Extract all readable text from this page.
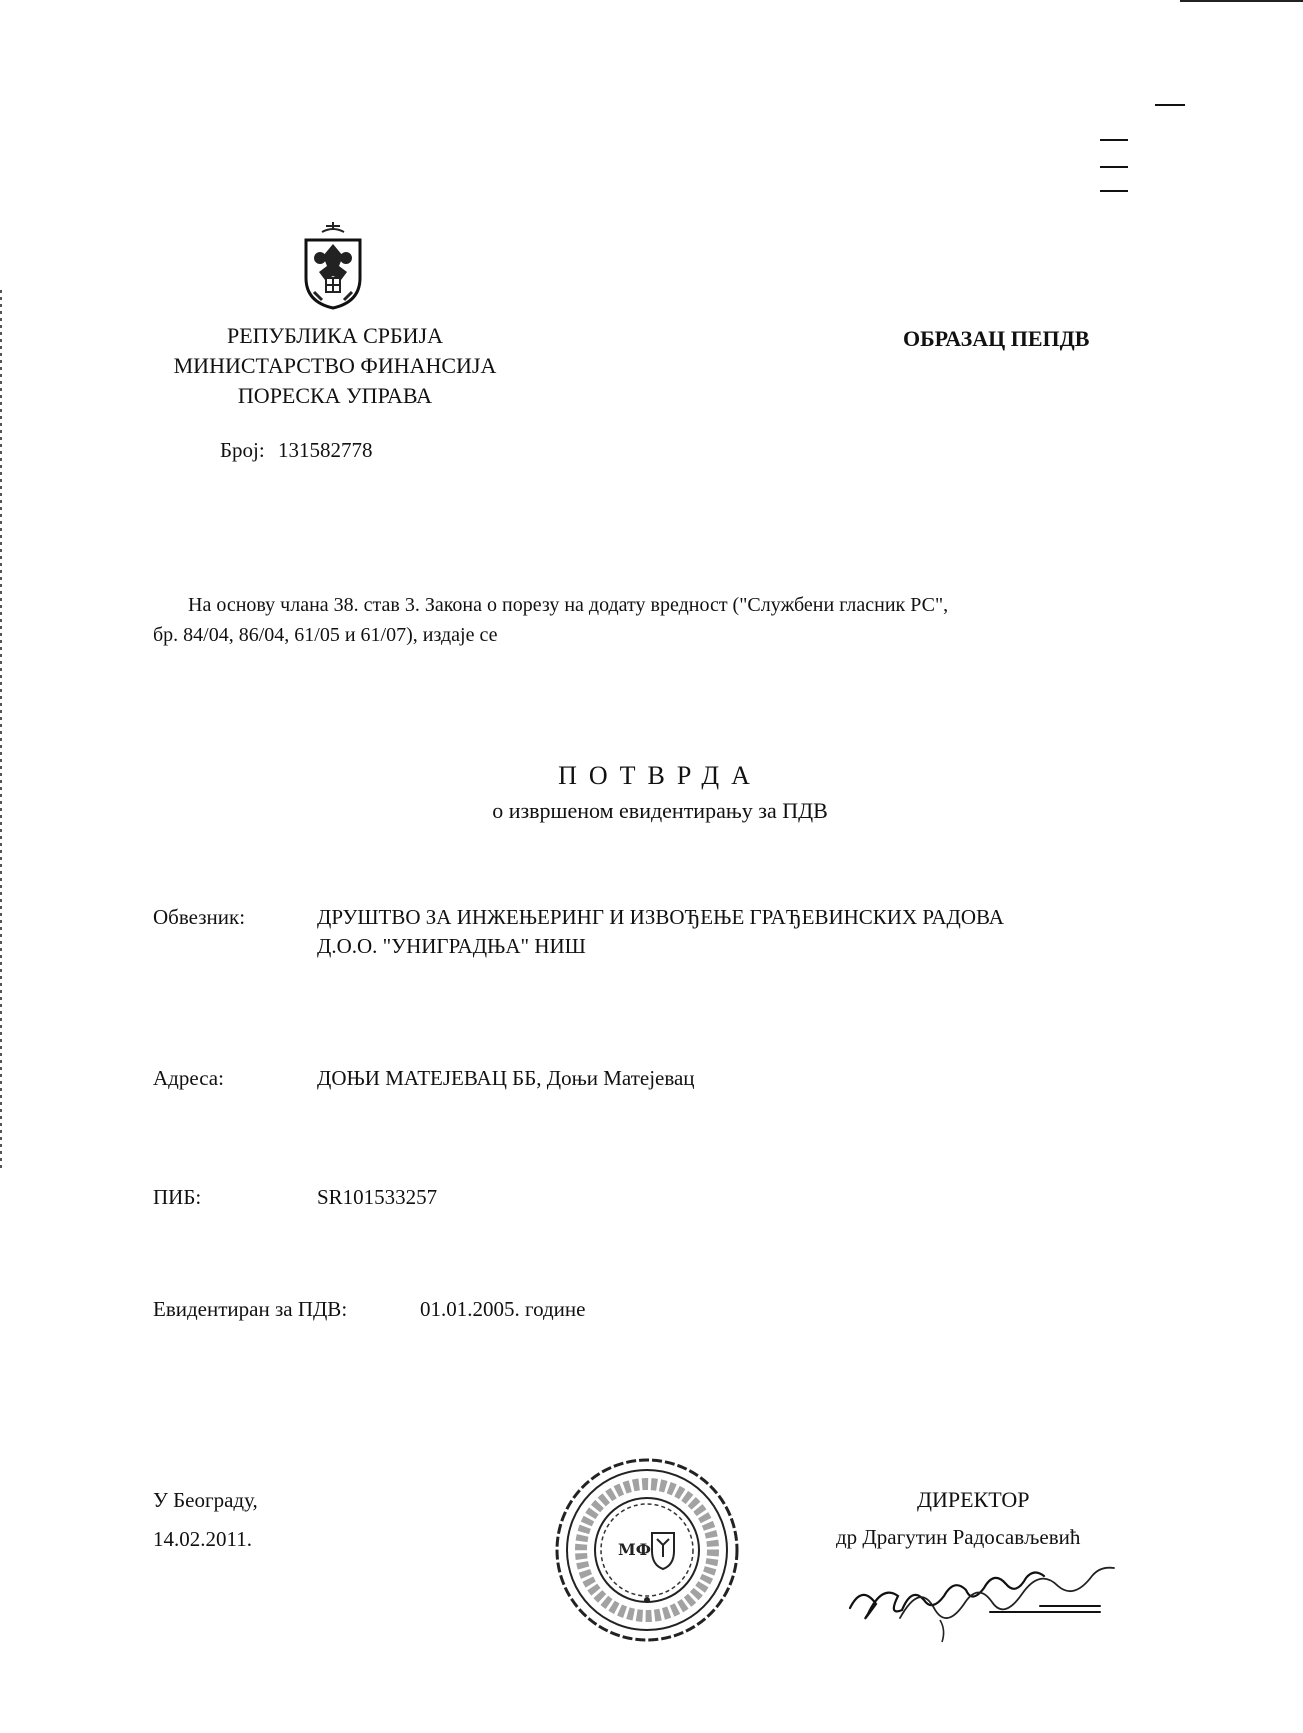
РЕПУБЛИКА СРБИЈА
МИНИСТАРСТВО ФИНАНСИЈА
ПОРЕСКА УПРАВА
ОБРАЗАЦ ПЕПДВ
Број: 131582778
На основу члана 38. став 3. Закона о порезу на додату вредност ("Службени гласник РС",
бр. 84/04, 86/04, 61/05 и 61/07), издаје се
ПОТВРДА
о извршеном евидентирању за ПДВ
Обвезник:	ДРУШТВО ЗА ИНЖЕЊЕРИНГ И ИЗВОЂЕЊЕ ГРАЂЕВИНСКИХ РАДОВА
Д.О.О. "УНИГРАДЊА" НИШ
Адреса:	ДОЊИ МАТЕЈЕВАЦ ББ, Доњи Матејевац
ПИБ:	SR101533257
Евидентиран за ПДВ:	01.01.2005. године
У Београду,
14.02.2011.
ДИРЕКТОР
др Драгутин Радосављевић
МФ
